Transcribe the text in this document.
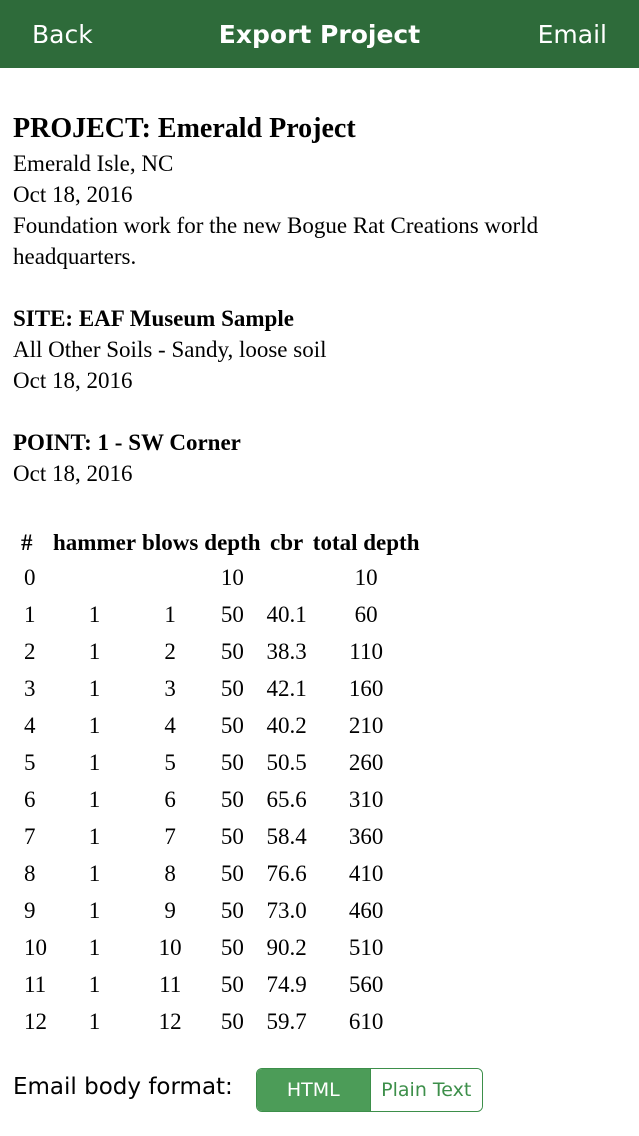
Back	Export Project	Email
PROJECT: Emerald Project
Emerald Isle, NC
Oct 18, 2016
Foundation work for the new Bogue Rat Creations world headquarters.
SITE: EAF Museum Sample
All Other Soils - Sandy, loose soil
Oct 18, 2016
POINT: 1 - SW Corner
Oct 18, 2016
#	hammer	blows	depth	cbr	total depth
0			10		10
1	1	1	50	40.1	60
2	1	2	50	38.3	110
3	1	3	50	42.1	160
4	1	4	50	40.2	210
5	1	5	50	50.5	260
6	1	6	50	65.6	310
7	1	7	50	58.4	360
8	1	8	50	76.6	410
9	1	9	50	73.0	460
10	1	10	50	90.2	510
11	1	11	50	74.9	560
12	1	12	50	59.7	610
Email body format:	HTML	Plain Text
